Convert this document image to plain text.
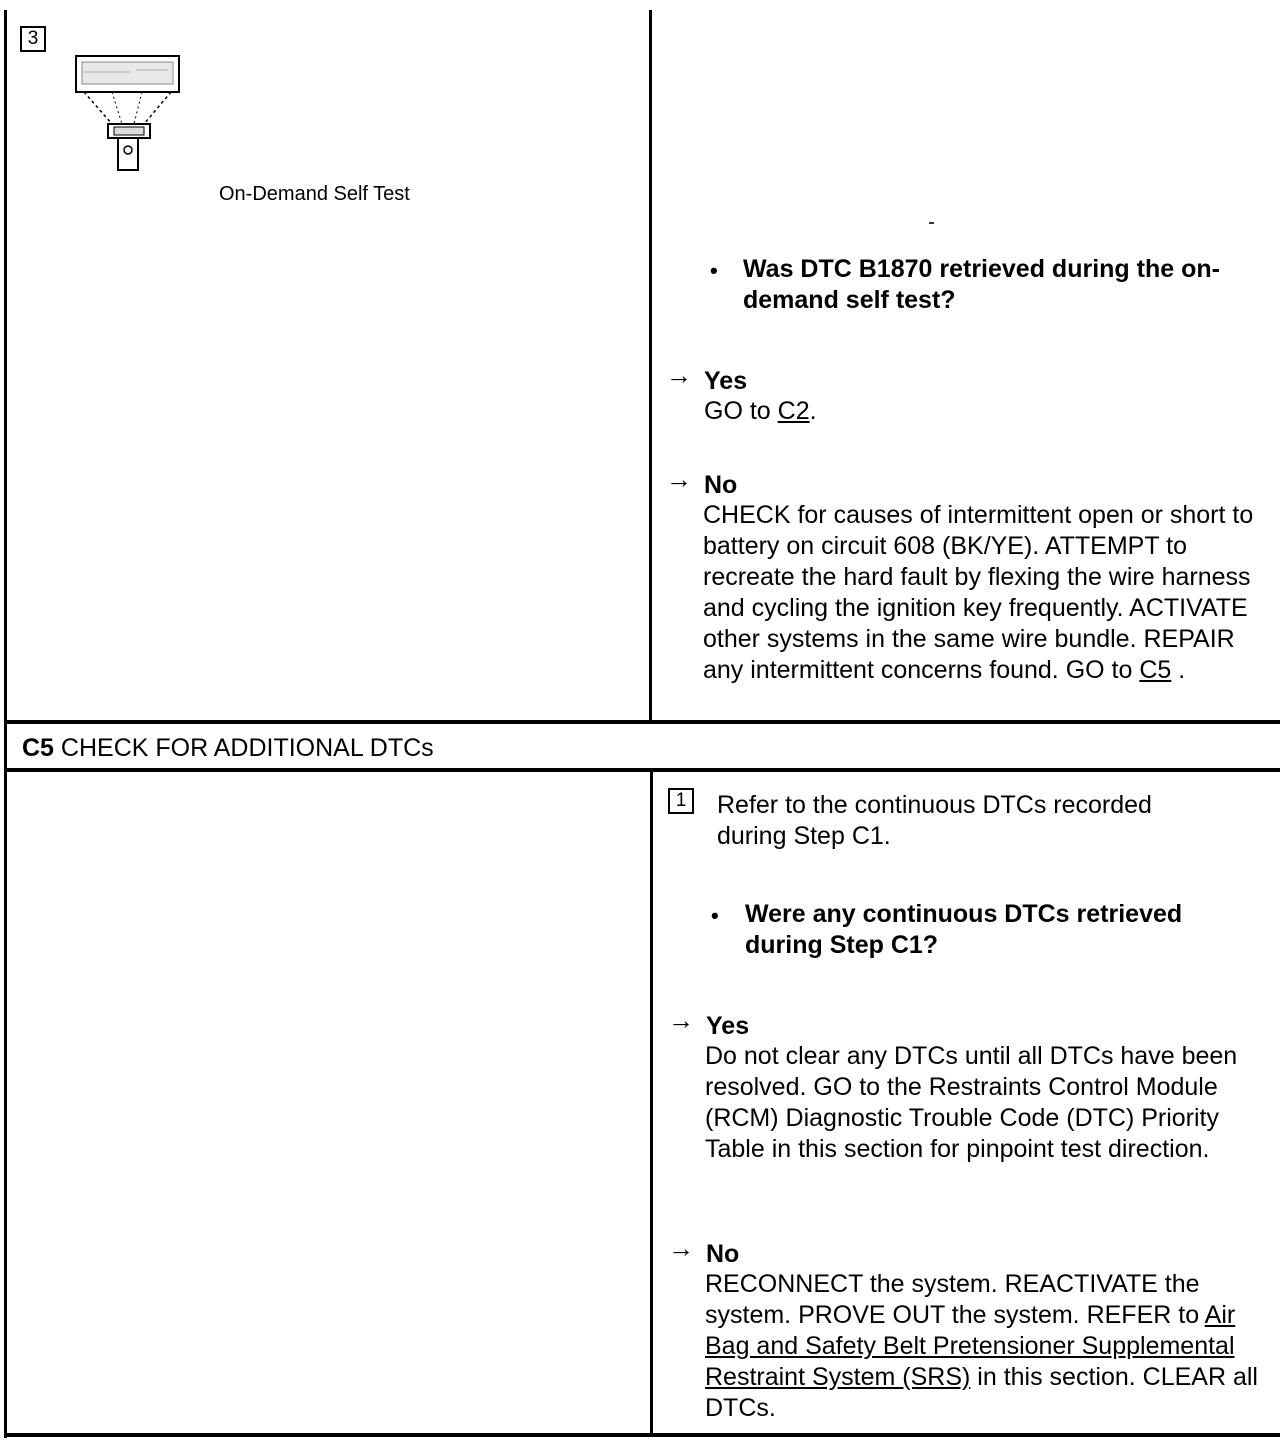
3
On-Demand Self Test
• Was DTC B1870 retrieved during the on-demand self test?
→ Yes
GO to C2.
→ No
CHECK for causes of intermittent open or short to battery on circuit 608 (BK/YE). ATTEMPT to recreate the hard fault by flexing the wire harness and cycling the ignition key frequently. ACTIVATE other systems in the same wire bundle. REPAIR any intermittent concerns found. GO to C5 .
C5 CHECK FOR ADDITIONAL DTCs
1	Refer to the continuous DTCs recorded during Step C1.
• Were any continuous DTCs retrieved during Step C1?
→ Yes
Do not clear any DTCs until all DTCs have been resolved. GO to the Restraints Control Module (RCM) Diagnostic Trouble Code (DTC) Priority Table in this section for pinpoint test direction.
→ No
RECONNECT the system. REACTIVATE the system. PROVE OUT the system. REFER to Air Bag and Safety Belt Pretensioner Supplemental Restraint System (SRS) in this section. CLEAR all DTCs.
